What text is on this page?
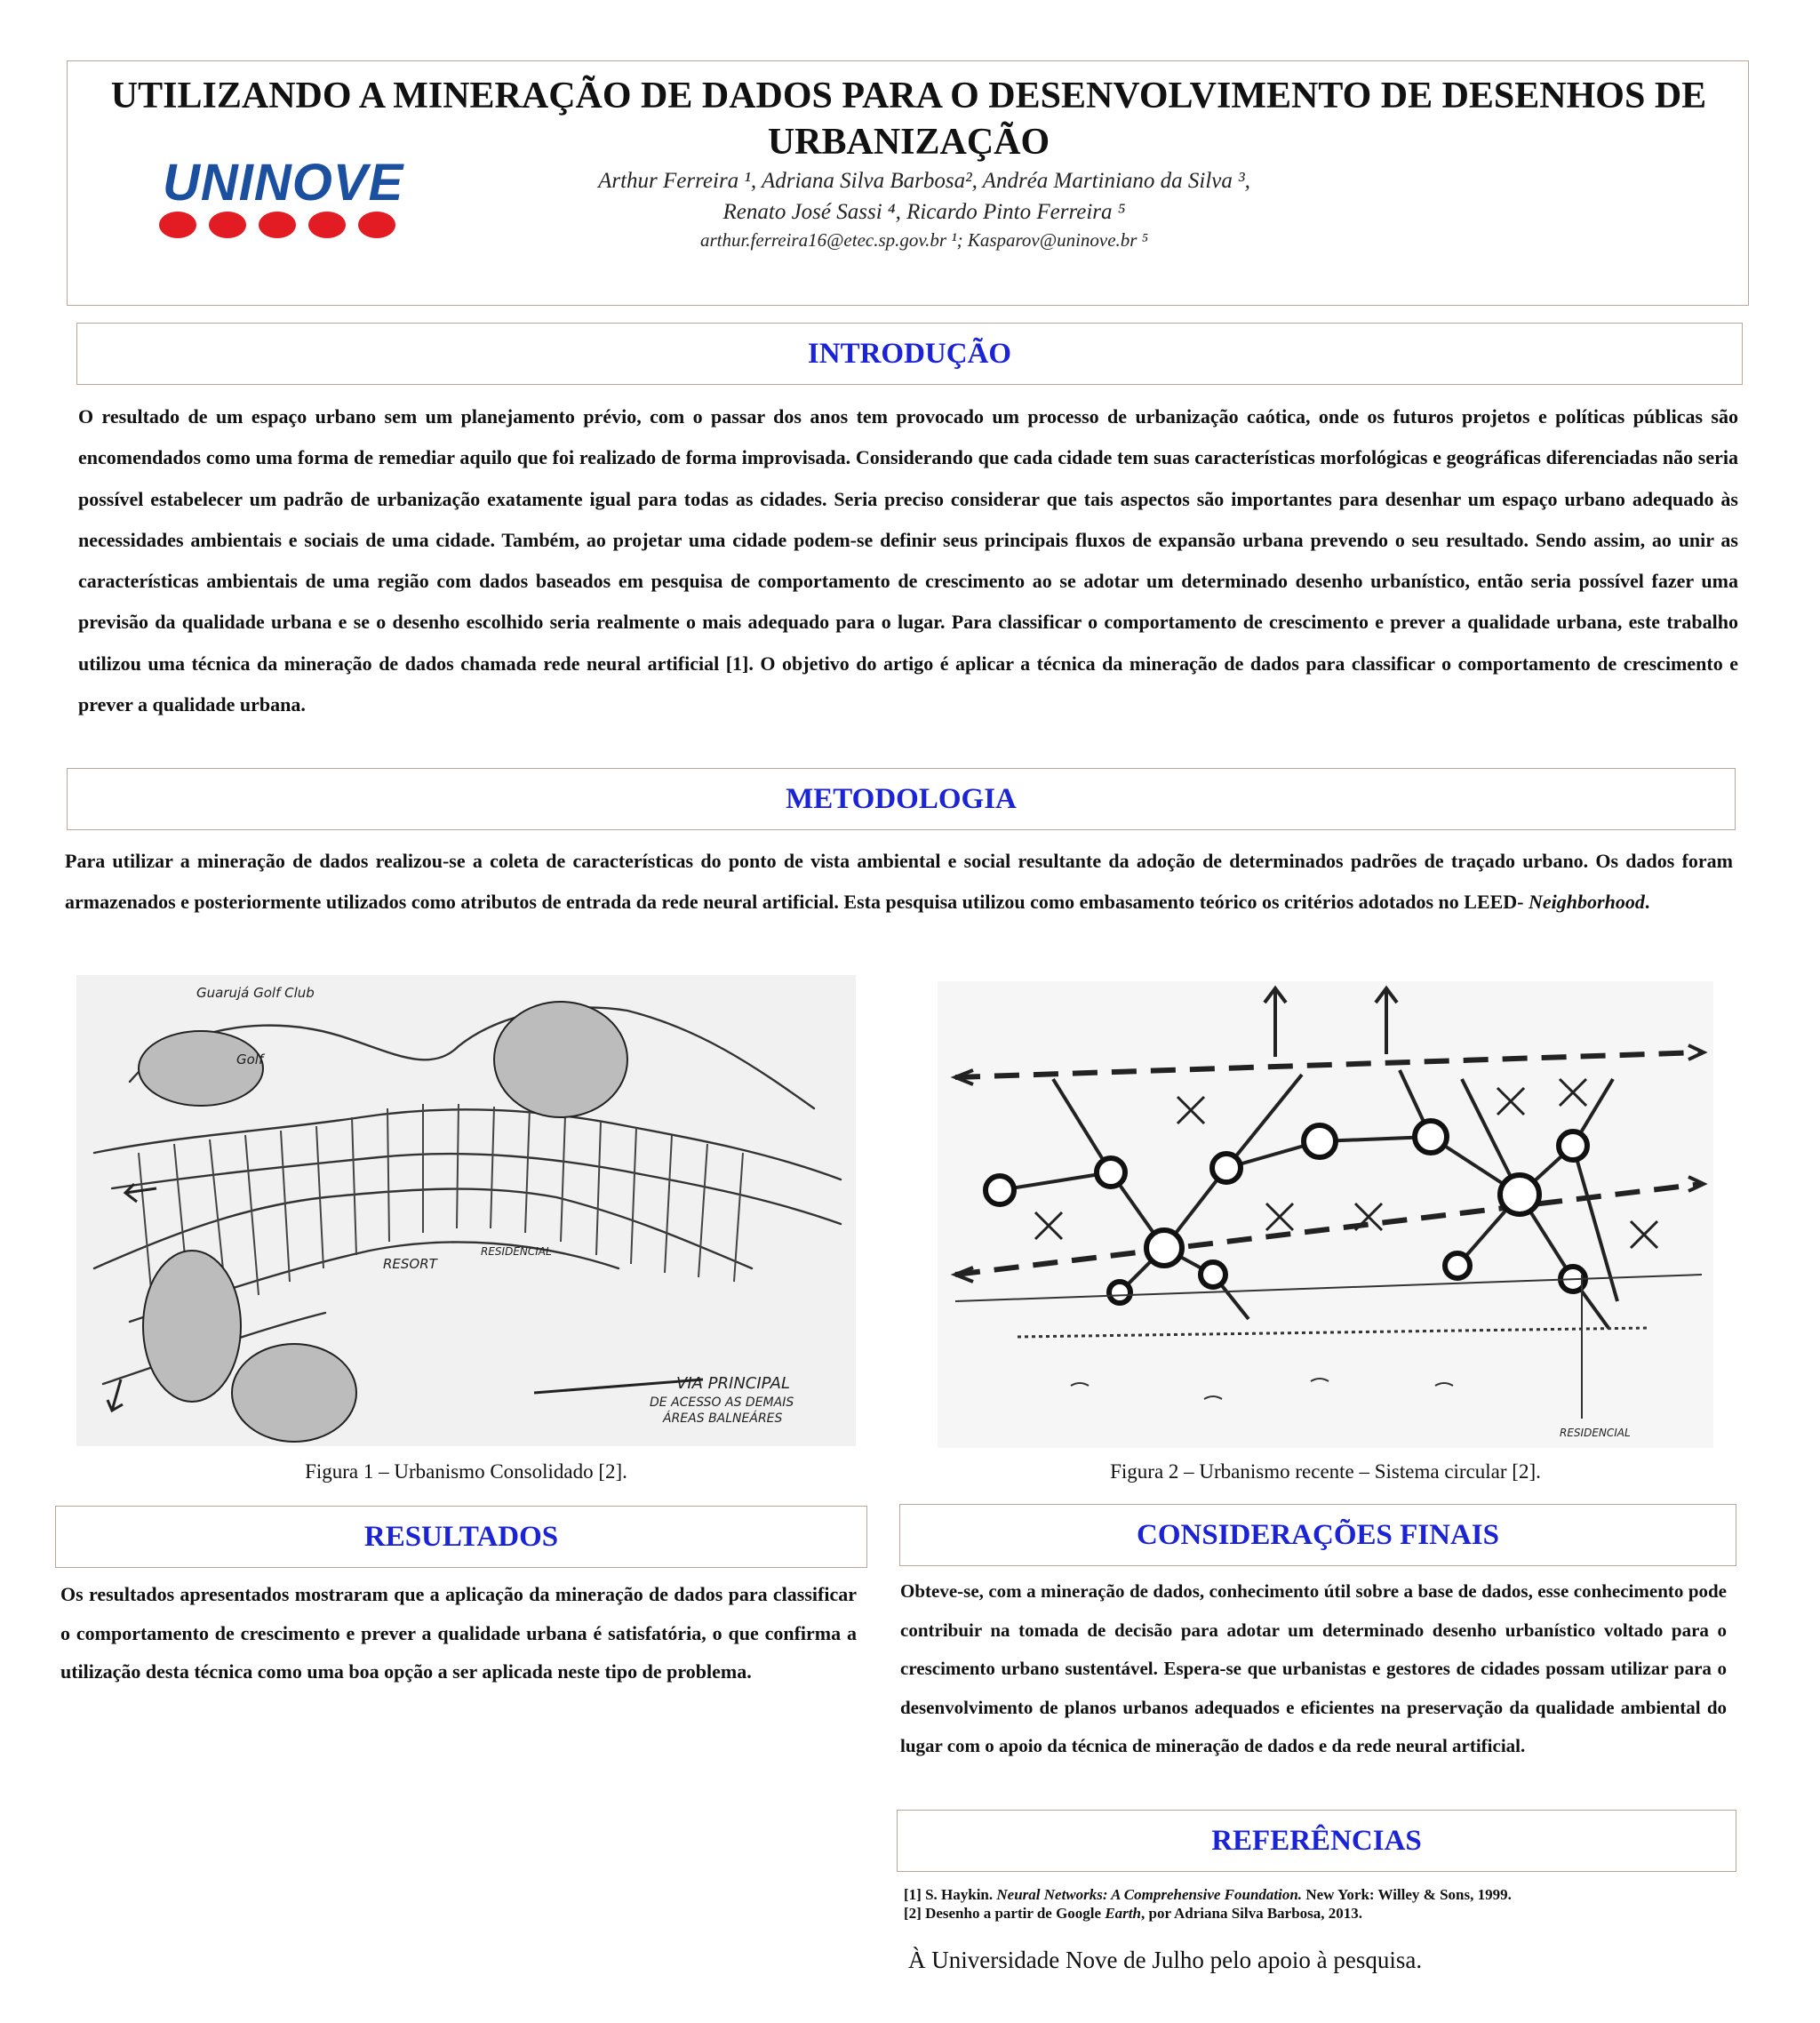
UTILIZANDO A MINERAÇÃO DE DADOS PARA O DESENVOLVIMENTO DE DESENHOS DE URBANIZAÇÃO
UNINOVE	Arthur Ferreira ¹, Adriana Silva Barbosa², Andréa Martiniano da Silva ³,
Renato José Sassi ⁴, Ricardo Pinto Ferreira ⁵
arthur.ferreira16@etec.sp.gov.br ¹; Kasparov@uninove.br ⁵
INTRODUÇÃO
O resultado de um espaço urbano sem um planejamento prévio, com o passar dos anos tem provocado um processo de urbanização caótica, onde os futuros projetos e políticas públicas são encomendados como uma forma de remediar aquilo que foi realizado de forma improvisada. Considerando que cada cidade tem suas características morfológicas e geográficas diferenciadas não seria possível estabelecer um padrão de urbanização exatamente igual para todas as cidades. Seria preciso considerar que tais aspectos são importantes para desenhar um espaço urbano adequado às necessidades ambientais e sociais de uma cidade. Também, ao projetar uma cidade podem-se definir seus principais fluxos de expansão urbana prevendo o seu resultado. Sendo assim, ao unir as características ambientais de uma região com dados baseados em pesquisa de comportamento de crescimento ao se adotar um determinado desenho urbanístico, então seria possível fazer uma previsão da qualidade urbana e se o desenho escolhido seria realmente o mais adequado para o lugar. Para classificar o comportamento de crescimento e prever a qualidade urbana, este trabalho utilizou uma técnica da mineração de dados chamada rede neural artificial [1]. O objetivo do artigo é aplicar a técnica da mineração de dados para classificar o comportamento de crescimento e prever a qualidade urbana.
METODOLOGIA
Para utilizar a mineração de dados realizou-se a coleta de características do ponto de vista ambiental e social resultante da adoção de determinados padrões de traçado urbano. Os dados foram armazenados e posteriormente utilizados como atributos de entrada da rede neural artificial. Esta pesquisa utilizou como embasamento teórico os critérios adotados no LEED- Neighborhood.
Guarujá Golf Club
Golf
RESORT
RESIDENCIAL
VIA PRINCIPAL
DE ACESSO AS DEMAIS
ÁREAS BALNEÁRES
RESIDENCIAL
Figura 1 – Urbanismo Consolidado [2].	Figura 2 – Urbanismo recente – Sistema circular [2].
RESULTADOS
Os resultados apresentados mostraram que a aplicação da mineração de dados para classificar o comportamento de crescimento e prever a qualidade urbana é satisfatória, o que confirma a utilização desta técnica como uma boa opção a ser aplicada neste tipo de problema.
CONSIDERAÇÕES FINAIS
Obteve-se, com a mineração de dados, conhecimento útil sobre a base de dados, esse conhecimento pode contribuir na tomada de decisão para adotar um determinado desenho urbanístico voltado para o crescimento urbano sustentável. Espera-se que urbanistas e gestores de cidades possam utilizar para o desenvolvimento de planos urbanos adequados e eficientes na preservação da qualidade ambiental do lugar com o apoio da técnica de mineração de dados e da rede neural artificial.
REFERÊNCIAS
[1] S. Haykin. Neural Networks: A Comprehensive Foundation. New York: Willey & Sons, 1999.
[2] Desenho a partir de Google Earth, por Adriana Silva Barbosa, 2013.
À Universidade Nove de Julho pelo apoio à pesquisa.
